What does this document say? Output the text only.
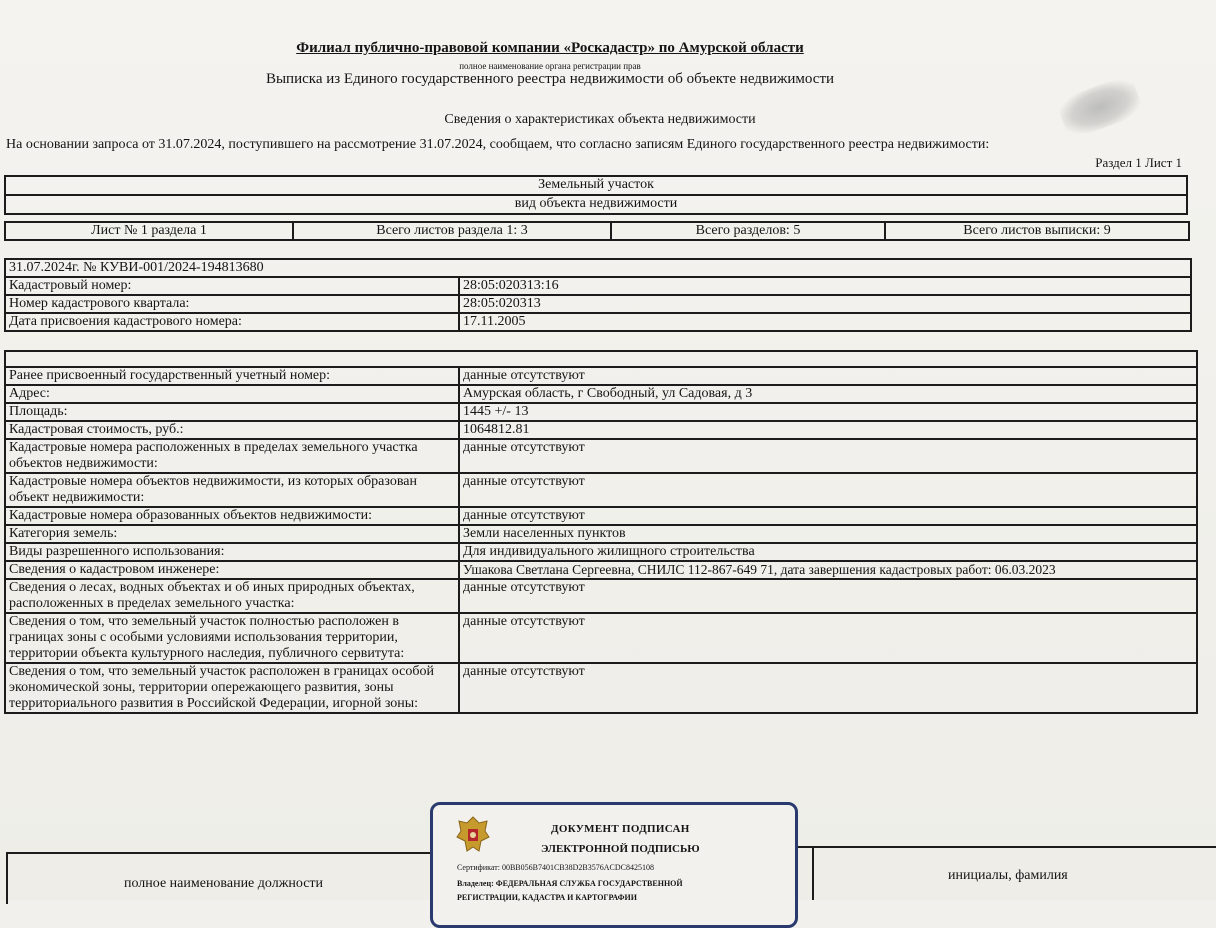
Филиал публично-правовой компании «Роскадастр» по Амурской области
полное наименование органа регистрации прав
Выписка из Единого государственного реестра недвижимости об объекте недвижимости
Сведения о характеристиках объекта недвижимости
На основании запроса от 31.07.2024, поступившего на рассмотрение 31.07.2024, сообщаем, что согласно записям Единого государственного реестра недвижимости:
Раздел 1 Лист 1
Земельный участок
вид объекта недвижимости
Лист № 1 раздела 1	Всего листов раздела 1: 3	Всего разделов: 5	Всего листов выписки: 9
31.07.2024г. № КУВИ-001/2024-194813680	
Кадастровый номер:	28:05:020313:16
Номер кадастрового квартала:	28:05:020313
Дата присвоения кадастрового номера:	17.11.2005

Ранее присвоенный государственный учетный номер:	данные отсутствуют
Адрес:	Амурская область, г Свободный, ул Садовая, д 3
Площадь:	1445 +/- 13
Кадастровая стоимость, руб.:	1064812.81
Кадастровые номера расположенных в пределах земельного участка объектов недвижимости:	данные отсутствуют
Кадастровые номера объектов недвижимости, из которых образован объект недвижимости:	данные отсутствуют
Кадастровые номера образованных объектов недвижимости:	данные отсутствуют
Категория земель:	Земли населенных пунктов
Виды разрешенного использования:	Для индивидуального жилищного строительства
Сведения о кадастровом инженере:	Ушакова Светлана Сергеевна, СНИЛС 112-867-649 71, дата завершения кадастровых работ: 06.03.2023
Сведения о лесах, водных объектах и об иных природных объектах, расположенных в пределах земельного участка:	данные отсутствуют
Сведения о том, что земельный участок полностью расположен в границах зоны с особыми условиями использования территории, территории объекта культурного наследия, публичного сервитута:	данные отсутствуют
Сведения о том, что земельный участок расположен в границах особой экономической зоны, территории опережающего развития, зоны территориального развития в Российской Федерации, игорной зоны:	данные отсутствуют
полное наименование должности
инициалы, фамилия
ДОКУМЕНТ ПОДПИСАН
ЭЛЕКТРОННОЙ ПОДПИСЬЮ
Сертификат: 00BB056B7401CB38D2B3576ACDC8425108
Владелец: ФЕДЕРАЛЬНАЯ СЛУЖБА ГОСУДАРСТВЕННОЙ
РЕГИСТРАЦИИ, КАДАСТРА И КАРТОГРАФИИ
